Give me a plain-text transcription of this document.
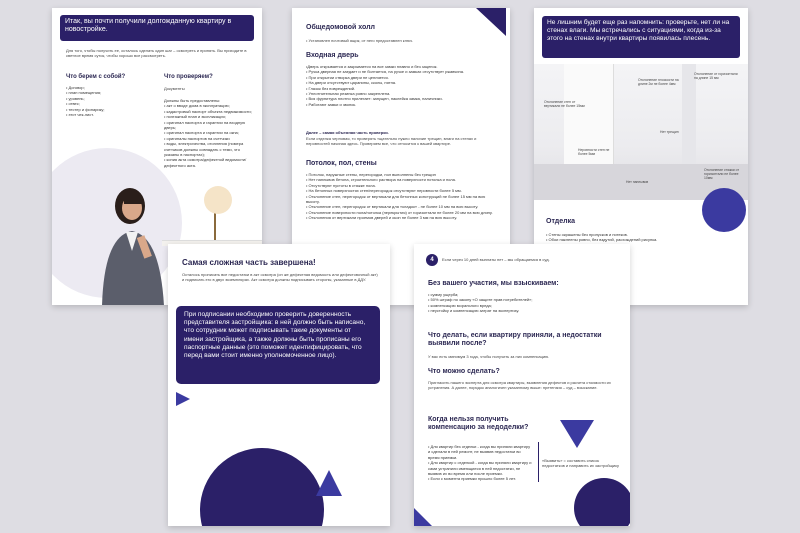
Итак, вы почти получили долгожданную квартиру в новостройке.
Для того, чтобы получить ее, осталось сделать один шаг – осмотреть и принять. Вы приходите в светлое время суток, чтобы хорошо все рассмотреть.
Что берем с собой?
• Договор;
• план помещения;
• уровень;
• отвес;
• тестер и фонарику;
• этот чек-лист.
Что проверяем?
Документы
Должны быть предоставлены:
• акт о вводе дома в эксплуатацию;
• кадастровый паспорт объекта недвижимости;
• поэтажный план и экспликация;
• оригинал паспорта и гарантии на входную дверь;
• оригинал паспорта и гарантии на окна;
• оригиналы паспортов на счетчики
• воды, электричества, отопления (номера счетчиков должны совпадать с теми, что указаны в паспортах);
• копия акта осмотра/дефектной ведомости/дефектного акта.
Общедомовой холл
• Установлен почтовый ящик, от него предоставлен ключ.
Входная дверь
•Дверь открывается и закрывается на все замки плавно и без зацепок.
• Ручка дверная не заедает и не болтается, на ручке и замках отсутствует ржавчина.
• При открытии створка двери не цепляется.
• На двери отсутствуют царапины, сколы, пятна.
• Глазок без повреждений.
• Уплотнительная резинка ровно закреплена.
• Вся фурнитура плотно прилегает: запущен, наклейка замка, наличники.
• Работают замки и звонок.
Далее – самая объемная часть проверки.
Если отделка черновая, то проверять тщательно нужно наличие трещин, влаги на стенах и неровностей начиная здесь. Проверяем все, что относится к вашей квартире.
Потолок, пол, стены
• Потолок, наружные стены, перегородки, пол выполнены без трещин
• Нет наплывов бетона, строительного раствора на поверхности потолка и пола.
• Отсутствуют пустоты в стяжке пола.
• На бетонных поверхностях стен/перегородок отсутствуют неровности более 5 мм.
• Отклонение стен, перегородок от вертикали для бетонных конструкций не более 15 мм на всю высоту.
• Отклонение стен, перегородок от вертикали для «кладок» - не более 10 мм на всю высоту.
• Отклонение поверхности пола/потолка (перекрытия) от горизонтали не более 20 мм на всю длину.
• Отклонения от вертикали проемов дверей и окон не более 3 мм на всю высоту.
Не лишним будет еще раз напомнить: проверьте, нет ли на стенах влаги. Мы встречались с ситуациями, когда из-за этого на стенах внутри квартиры появилась плесень.
Отклонение стен от вертикали не более 15мм
Отклонение плоскости на длине 2м не более 4мм
Отклонение от горизонтали на длине 15 мм
Неровности стен не более 5мм
Нет трещин
Нет наплывов
Отклонение стяжки от горизонтали не более 10мм
Отделка
• Стены окрашены без пропусков и потеков.
• Обои наклеены ровно, без вздутий, расхождений рисунка.
Самая сложная часть завершена!
Осталось прописать все недостатки в акт осмотра (он же дефектная ведомость или дефектовочный акт) и подписать его в двух экземплярах. Акт осмотра должны подписывать стороны, указанные в ДДУ.
При подписании необходимо проверить доверенность представителя застройщика: в ней должно быть написано, что сотрудник может подписывать такие документы от имени застройщика, а также должны быть прописаны его паспортные данные (это поможет идентифицировать, что перед вами стоит именно уполномоченное лицо).
4	Если через 10 дней выплаты нет – мы обращаемся в суд.
Без вашего участия, мы взыскиваем:
• сумму ущерба;
• 50% штраф по закону «О защите прав потребителей»;
• компенсацию морального вреда;
• неустойку и компенсацию затрат на экспертизу.
Что делать, если квартиру приняли, а недостатки выявили после?
У вас есть минимум 3 года, чтобы получить за них компенсацию.
Что можно сделать?
Пригласить нашего эксперта для осмотра квартиры, выявления дефектов и расчета стоимости их устранения. А далее, порядок аналогичен указанному выше: претензия – суд – взыскание.
Когда нельзя получить компенсацию за недоделки?
• Для квартир без отделки - когда вы приняли квартиру и сделали в ней ремонт, не выявив недостатки во время приемки.
• Для квартир с отделкой - когда вы приняли квартиру и сами устранили имеющиеся в ней недостатки, не выявив их во время или после приемки.
• Если с момента приемки прошло более 5 лет.
«Выявить» = составить список недостатков и направить их застройщику
